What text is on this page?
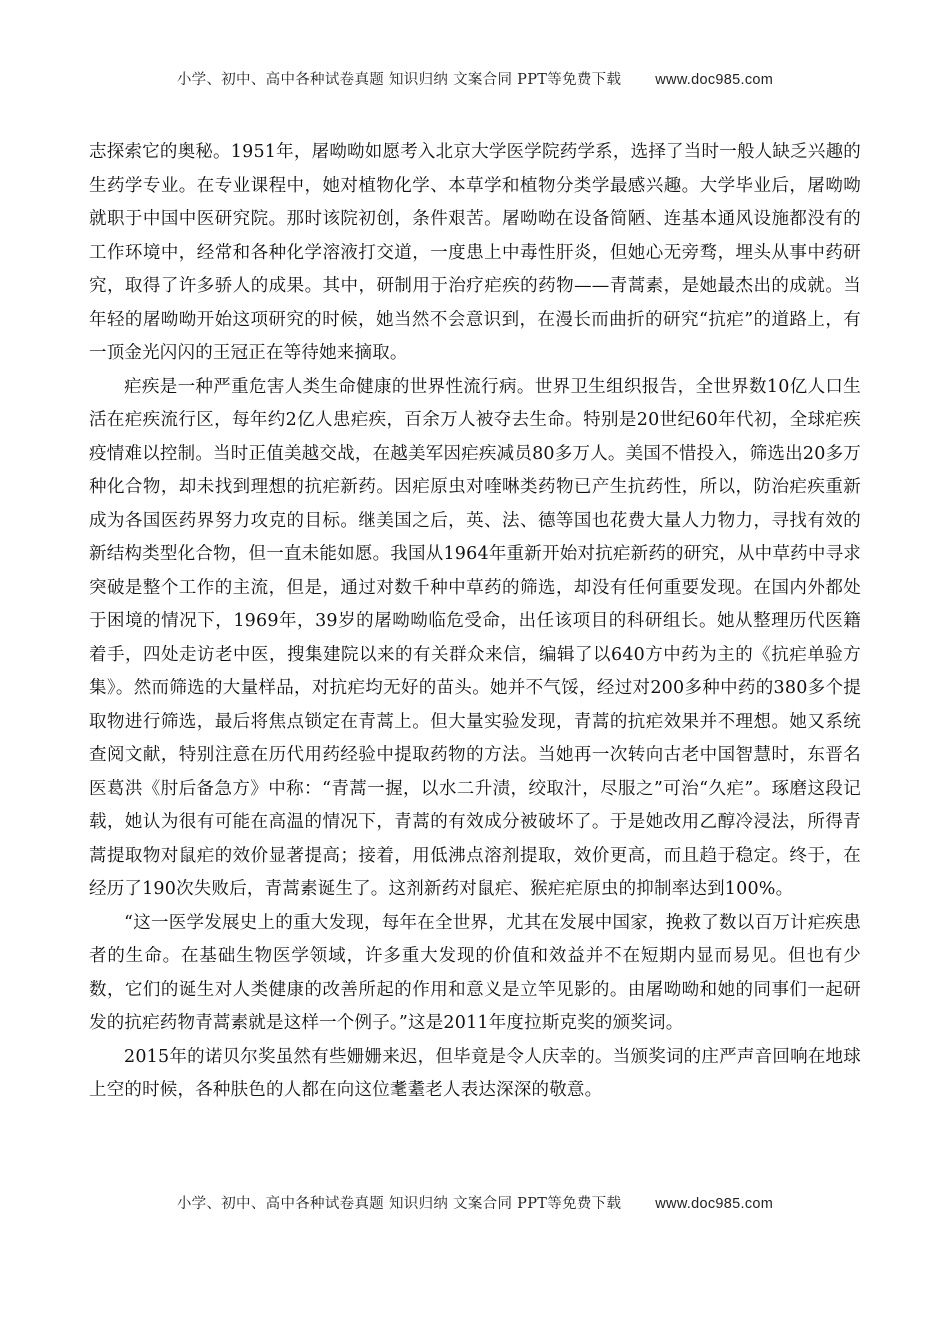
小学、初中、高中各种试卷真题 知识归纳 文案合同 PPT等免费下载 www.doc985.com

志探索它的奥秘。1951年，屠呦呦如愿考入北京大学医学院药学系，选择了当时一般人缺乏兴趣的生药学专业。在专业课程中，她对植物化学、本草学和植物分类学最感兴趣。大学毕业后，屠呦呦就职于中国中医研究院。那时该院初创，条件艰苦。屠呦呦在设备简陋、连基本通风设施都没有的工作环境中，经常和各种化学溶液打交道，一度患上中毒性肝炎，但她心无旁骛，埋头从事中药研究，取得了许多骄人的成果。其中，研制用于治疗疟疾的药物——青蒿素，是她最杰出的成就。当年轻的屠呦呦开始这项研究的时候，她当然不会意识到，在漫长而曲折的研究“抗疟”的道路上，有一顶金光闪闪的王冠正在等待她来摘取。

疟疾是一种严重危害人类生命健康的世界性流行病。世界卫生组织报告，全世界数10亿人口生活在疟疾流行区，每年约2亿人患疟疾，百余万人被夺去生命。特别是20世纪60年代初，全球疟疾疫情难以控制。当时正值美越交战，在越美军因疟疾减员80多万人。美国不惜投入，筛选出20多万种化合物，却未找到理想的抗疟新药。因疟原虫对喹啉类药物已产生抗药性，所以，防治疟疾重新成为各国医药界努力攻克的目标。继美国之后，英、法、德等国也花费大量人力物力，寻找有效的新结构类型化合物，但一直未能如愿。我国从1964年重新开始对抗疟新药的研究，从中草药中寻求突破是整个工作的主流，但是，通过对数千种中草药的筛选，却没有任何重要发现。在国内外都处于困境的情况下，1969年，39岁的屠呦呦临危受命，出任该项目的科研组长。她从整理历代医籍着手，四处走访老中医，搜集建院以来的有关群众来信，编辑了以640方中药为主的《抗疟单验方集》。然而筛选的大量样品，对抗疟均无好的苗头。她并不气馁，经过对200多种中药的380多个提取物进行筛选，最后将焦点锁定在青蒿上。但大量实验发现，青蒿的抗疟效果并不理想。她又系统查阅文献，特别注意在历代用药经验中提取药物的方法。当她再一次转向古老中国智慧时，东晋名医葛洪《肘后备急方》中称：“青蒿一握，以水二升渍，绞取汁，尽服之”可治“久疟”。琢磨这段记载，她认为很有可能在高温的情况下，青蒿的有效成分被破坏了。于是她改用乙醇冷浸法，所得青蒿提取物对鼠疟的效价显著提高；接着，用低沸点溶剂提取，效价更高，而且趋于稳定。终于，在经历了190次失败后，青蒿素诞生了。这剂新药对鼠疟、猴疟疟原虫的抑制率达到100%。

“这一医学发展史上的重大发现，每年在全世界，尤其在发展中国家，挽救了数以百万计疟疾患者的生命。在基础生物医学领域，许多重大发现的价值和效益并不在短期内显而易见。但也有少数，它们的诞生对人类健康的改善所起的作用和意义是立竿见影的。由屠呦呦和她的同事们一起研发的抗疟药物青蒿素就是这样一个例子。”这是2011年度拉斯克奖的颁奖词。

2015年的诺贝尔奖虽然有些姗姗来迟，但毕竟是令人庆幸的。当颁奖词的庄严声音回响在地球上空的时候，各种肤色的人都在向这位耄耋老人表达深深的敬意。

小学、初中、高中各种试卷真题 知识归纳 文案合同 PPT等免费下载 www.doc985.com
